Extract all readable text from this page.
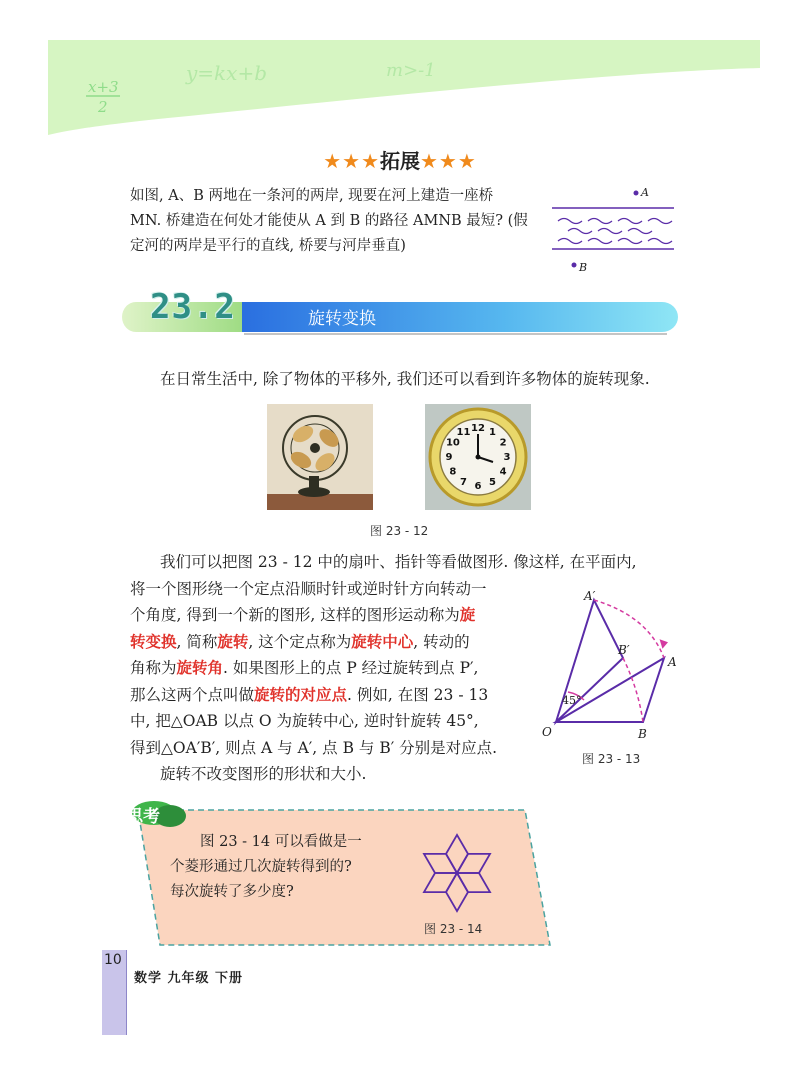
x+3
2
y=kx+b	m>-1
★★★拓展★★★
如图, A、B 两地在一条河的两岸, 现要在河上建造一座桥
MN. 桥建造在何处才能使从 A 到 B 的路径 AMNB 最短? (假
定河的两岸是平行的直线, 桥要与河岸垂直)
A
B
23.2	旋转变换
在日常生活中, 除了物体的平移外, 我们还可以看到许多物体的旋转现象.
12 1
2
3
4
5
6
7
8
9
10
11
图 23 - 12
我们可以把图 23 - 12 中的扇叶、指针等看做图形. 像这样, 在平面内,
将一个图形绕一个定点沿顺时针或逆时针方向转动一
个角度, 得到一个新的图形, 这样的图形运动称为旋
转变换, 简称旋转, 这个定点称为旋转中心, 转动的
角称为旋转角. 如果图形上的点 P 经过旋转到点 P′,
那么这两个点叫做旋转的对应点. 例如, 在图 23 - 13
中, 把△OAB 以点 O 为旋转中心, 逆时针旋转 45°,
得到△OA′B′, 则点 A 与 A′, 点 B 与 B′ 分别是对应点.
旋转不改变图形的形状和大小.
45°
O	B
A
A′
B′
图 23 - 13
思考
图 23 - 14 可以看做是一
个菱形通过几次旋转得到的?
每次旋转了多少度?
图 23 - 14
10
数学 九年级 下册
